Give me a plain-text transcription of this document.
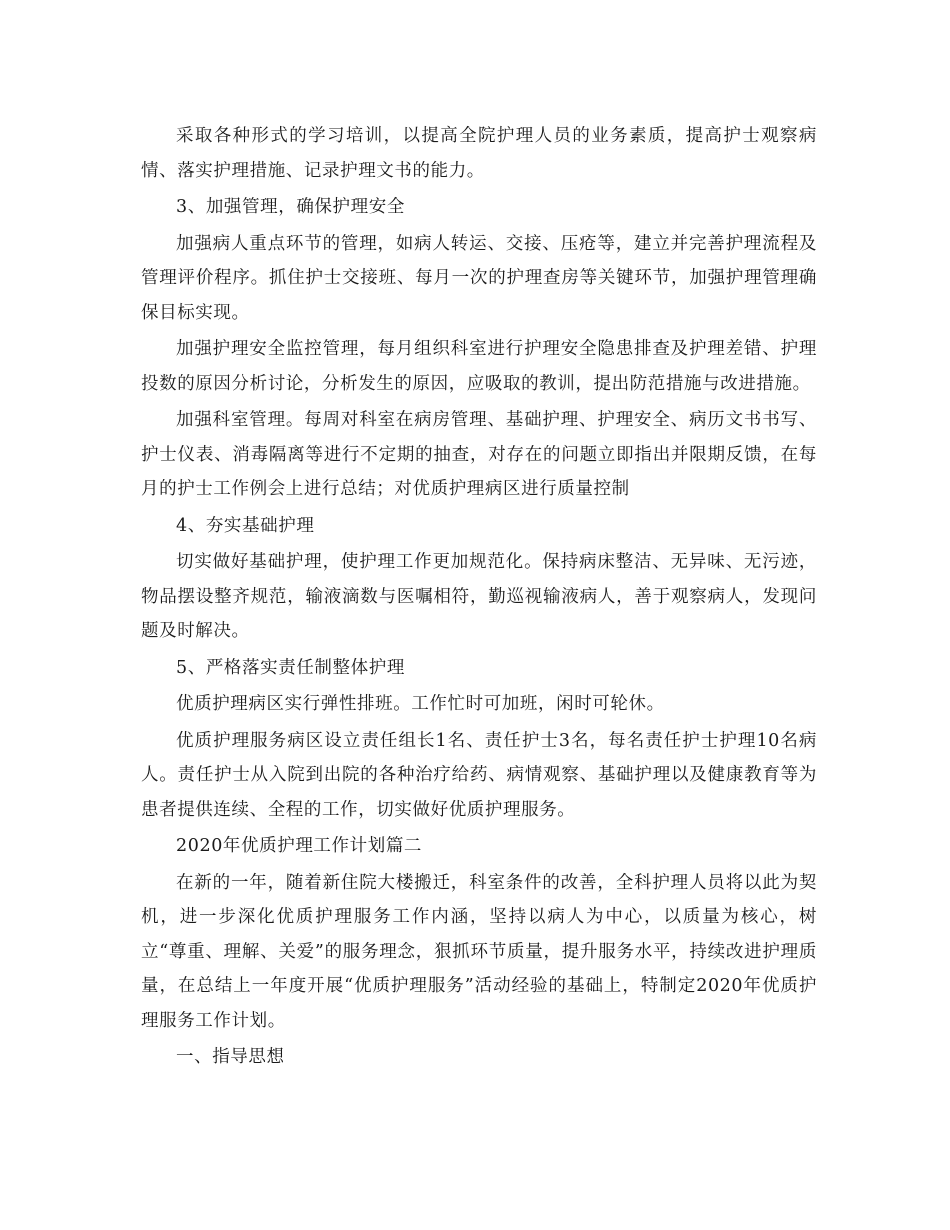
采取各种形式的学习培训，以提高全院护理人员的业务素质，提高护士观察病情、落实护理措施、记录护理文书的能力。

3、加强管理，确保护理安全

加强病人重点环节的管理，如病人转运、交接、压疮等，建立并完善护理流程及管理评价程序。抓住护士交接班、每月一次的护理查房等关键环节，加强护理管理确保目标实现。

加强护理安全监控管理，每月组织科室进行护理安全隐患排查及护理差错、护理投数的原因分析讨论，分析发生的原因，应吸取的教训，提出防范措施与改进措施。

加强科室管理。每周对科室在病房管理、基础护理、护理安全、病历文书书写、护士仪表、消毒隔离等进行不定期的抽查，对存在的问题立即指出并限期反馈，在每月的护士工作例会上进行总结；对优质护理病区进行质量控制

4、夯实基础护理

切实做好基础护理，使护理工作更加规范化。保持病床整洁、无异味、无污迹，物品摆设整齐规范，输液滴数与医嘱相符，勤巡视输液病人，善于观察病人，发现问题及时解决。

5、严格落实责任制整体护理

优质护理病区实行弹性排班。工作忙时可加班，闲时可轮休。

优质护理服务病区设立责任组长1名、责任护士3名，每名责任护士护理10名病人。责任护士从入院到出院的各种治疗给药、病情观察、基础护理以及健康教育等为患者提供连续、全程的工作，切实做好优质护理服务。

2020年优质护理工作计划篇二

在新的一年，随着新住院大楼搬迁，科室条件的改善，全科护理人员将以此为契机，进一步深化优质护理服务工作内涵，坚持以病人为中心，以质量为核心，树立“尊重、理解、关爱”的服务理念，狠抓环节质量，提升服务水平，持续改进护理质量，在总结上一年度开展“优质护理服务”活动经验的基础上，特制定2020年优质护理服务工作计划。

一、指导思想
